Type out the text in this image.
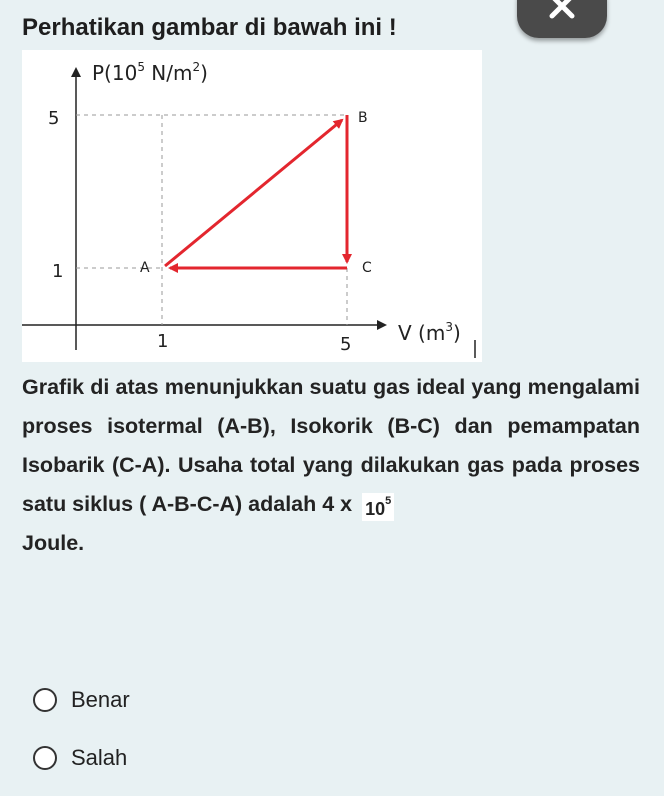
Perhatikan gambar di bawah ini !
$P(10^5$ $N/m^2$)
V $(m^3)$
5
1
1	5
A
B
C
Grafik di atas menunjukkan suatu gas ideal yang mengalami proses isotermal (A-B), Isokorik (B-C) dan pemampatan Isobarik (C-A). Usaha total yang dilakukan gas pada proses satu siklus ( A-B-C-A) adalah 4 x $10^5$
Joule.
Benar
Salah
